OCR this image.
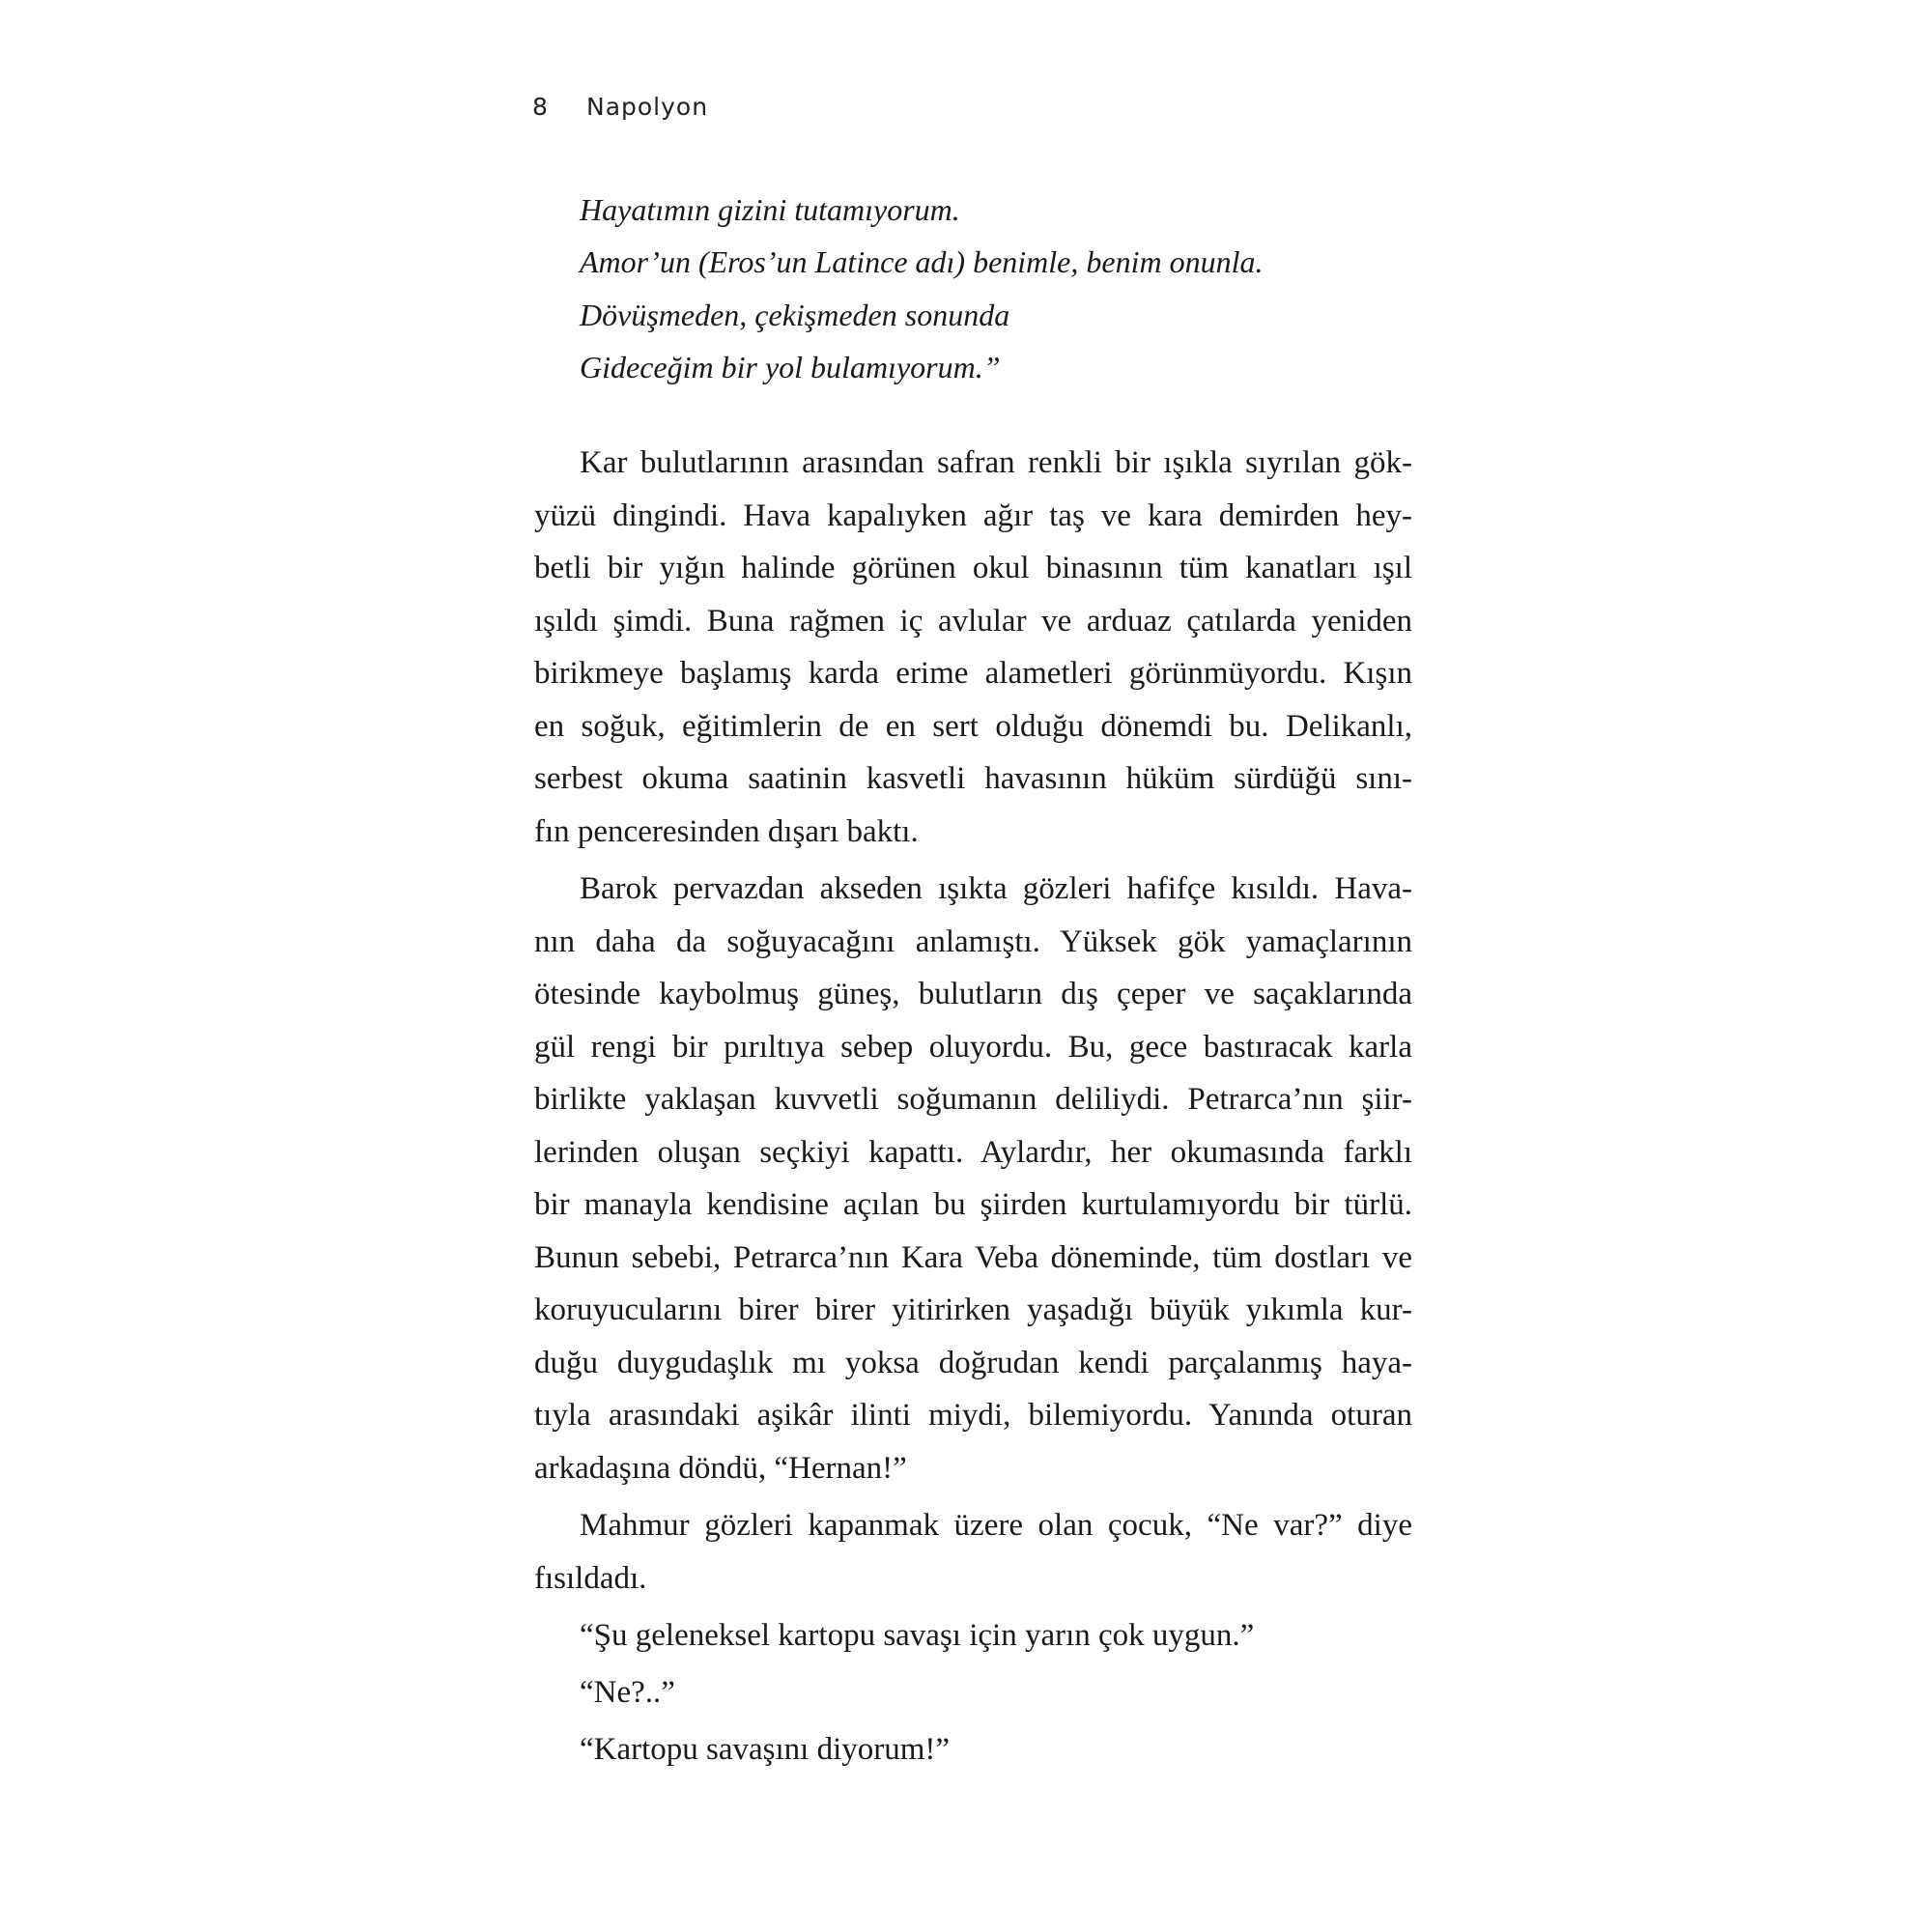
8 Napolyon
Hayatımın gizini tutamıyorum.
Amor’un (Eros’un Latince adı) benimle, benim onunla.
Dövüşmeden, çekişmeden sonunda
Gideceğim bir yol bulamıyorum.”
Kar bulutlarının arasından safran renkli bir ışıkla sıyrılan gök-
yüzü dingindi. Hava kapalıyken ağır taş ve kara demirden hey-
betli bir yığın halinde görünen okul binasının tüm kanatları ışıl
ışıldı şimdi. Buna rağmen iç avlular ve arduaz çatılarda yeniden
birikmeye başlamış karda erime alametleri görünmüyordu. Kışın
en soğuk, eğitimlerin de en sert olduğu dönemdi bu. Delikanlı,
serbest okuma saatinin kasvetli havasının hüküm sürdüğü sını-
fın penceresinden dışarı baktı.
Barok pervazdan akseden ışıkta gözleri hafifçe kısıldı. Hava-
nın daha da soğuyacağını anlamıştı. Yüksek gök yamaçlarının
ötesinde kaybolmuş güneş, bulutların dış çeper ve saçaklarında
gül rengi bir pırıltıya sebep oluyordu. Bu, gece bastıracak karla
birlikte yaklaşan kuvvetli soğumanın deliliydi. Petrarca’nın şiir-
lerinden oluşan seçkiyi kapattı. Aylardır, her okumasında farklı
bir manayla kendisine açılan bu şiirden kurtulamıyordu bir türlü.
Bunun sebebi, Petrarca’nın Kara Veba döneminde, tüm dostları ve
koruyucularını birer birer yitirirken yaşadığı büyük yıkımla kur-
duğu duygudaşlık mı yoksa doğrudan kendi parçalanmış haya-
tıyla arasındaki aşikâr ilinti miydi, bilemiyordu. Yanında oturan
arkadaşına döndü, “Hernan!”
Mahmur gözleri kapanmak üzere olan çocuk, “Ne var?” diye
fısıldadı.
“Şu geleneksel kartopu savaşı için yarın çok uygun.”
“Ne?..”
“Kartopu savaşını diyorum!”
